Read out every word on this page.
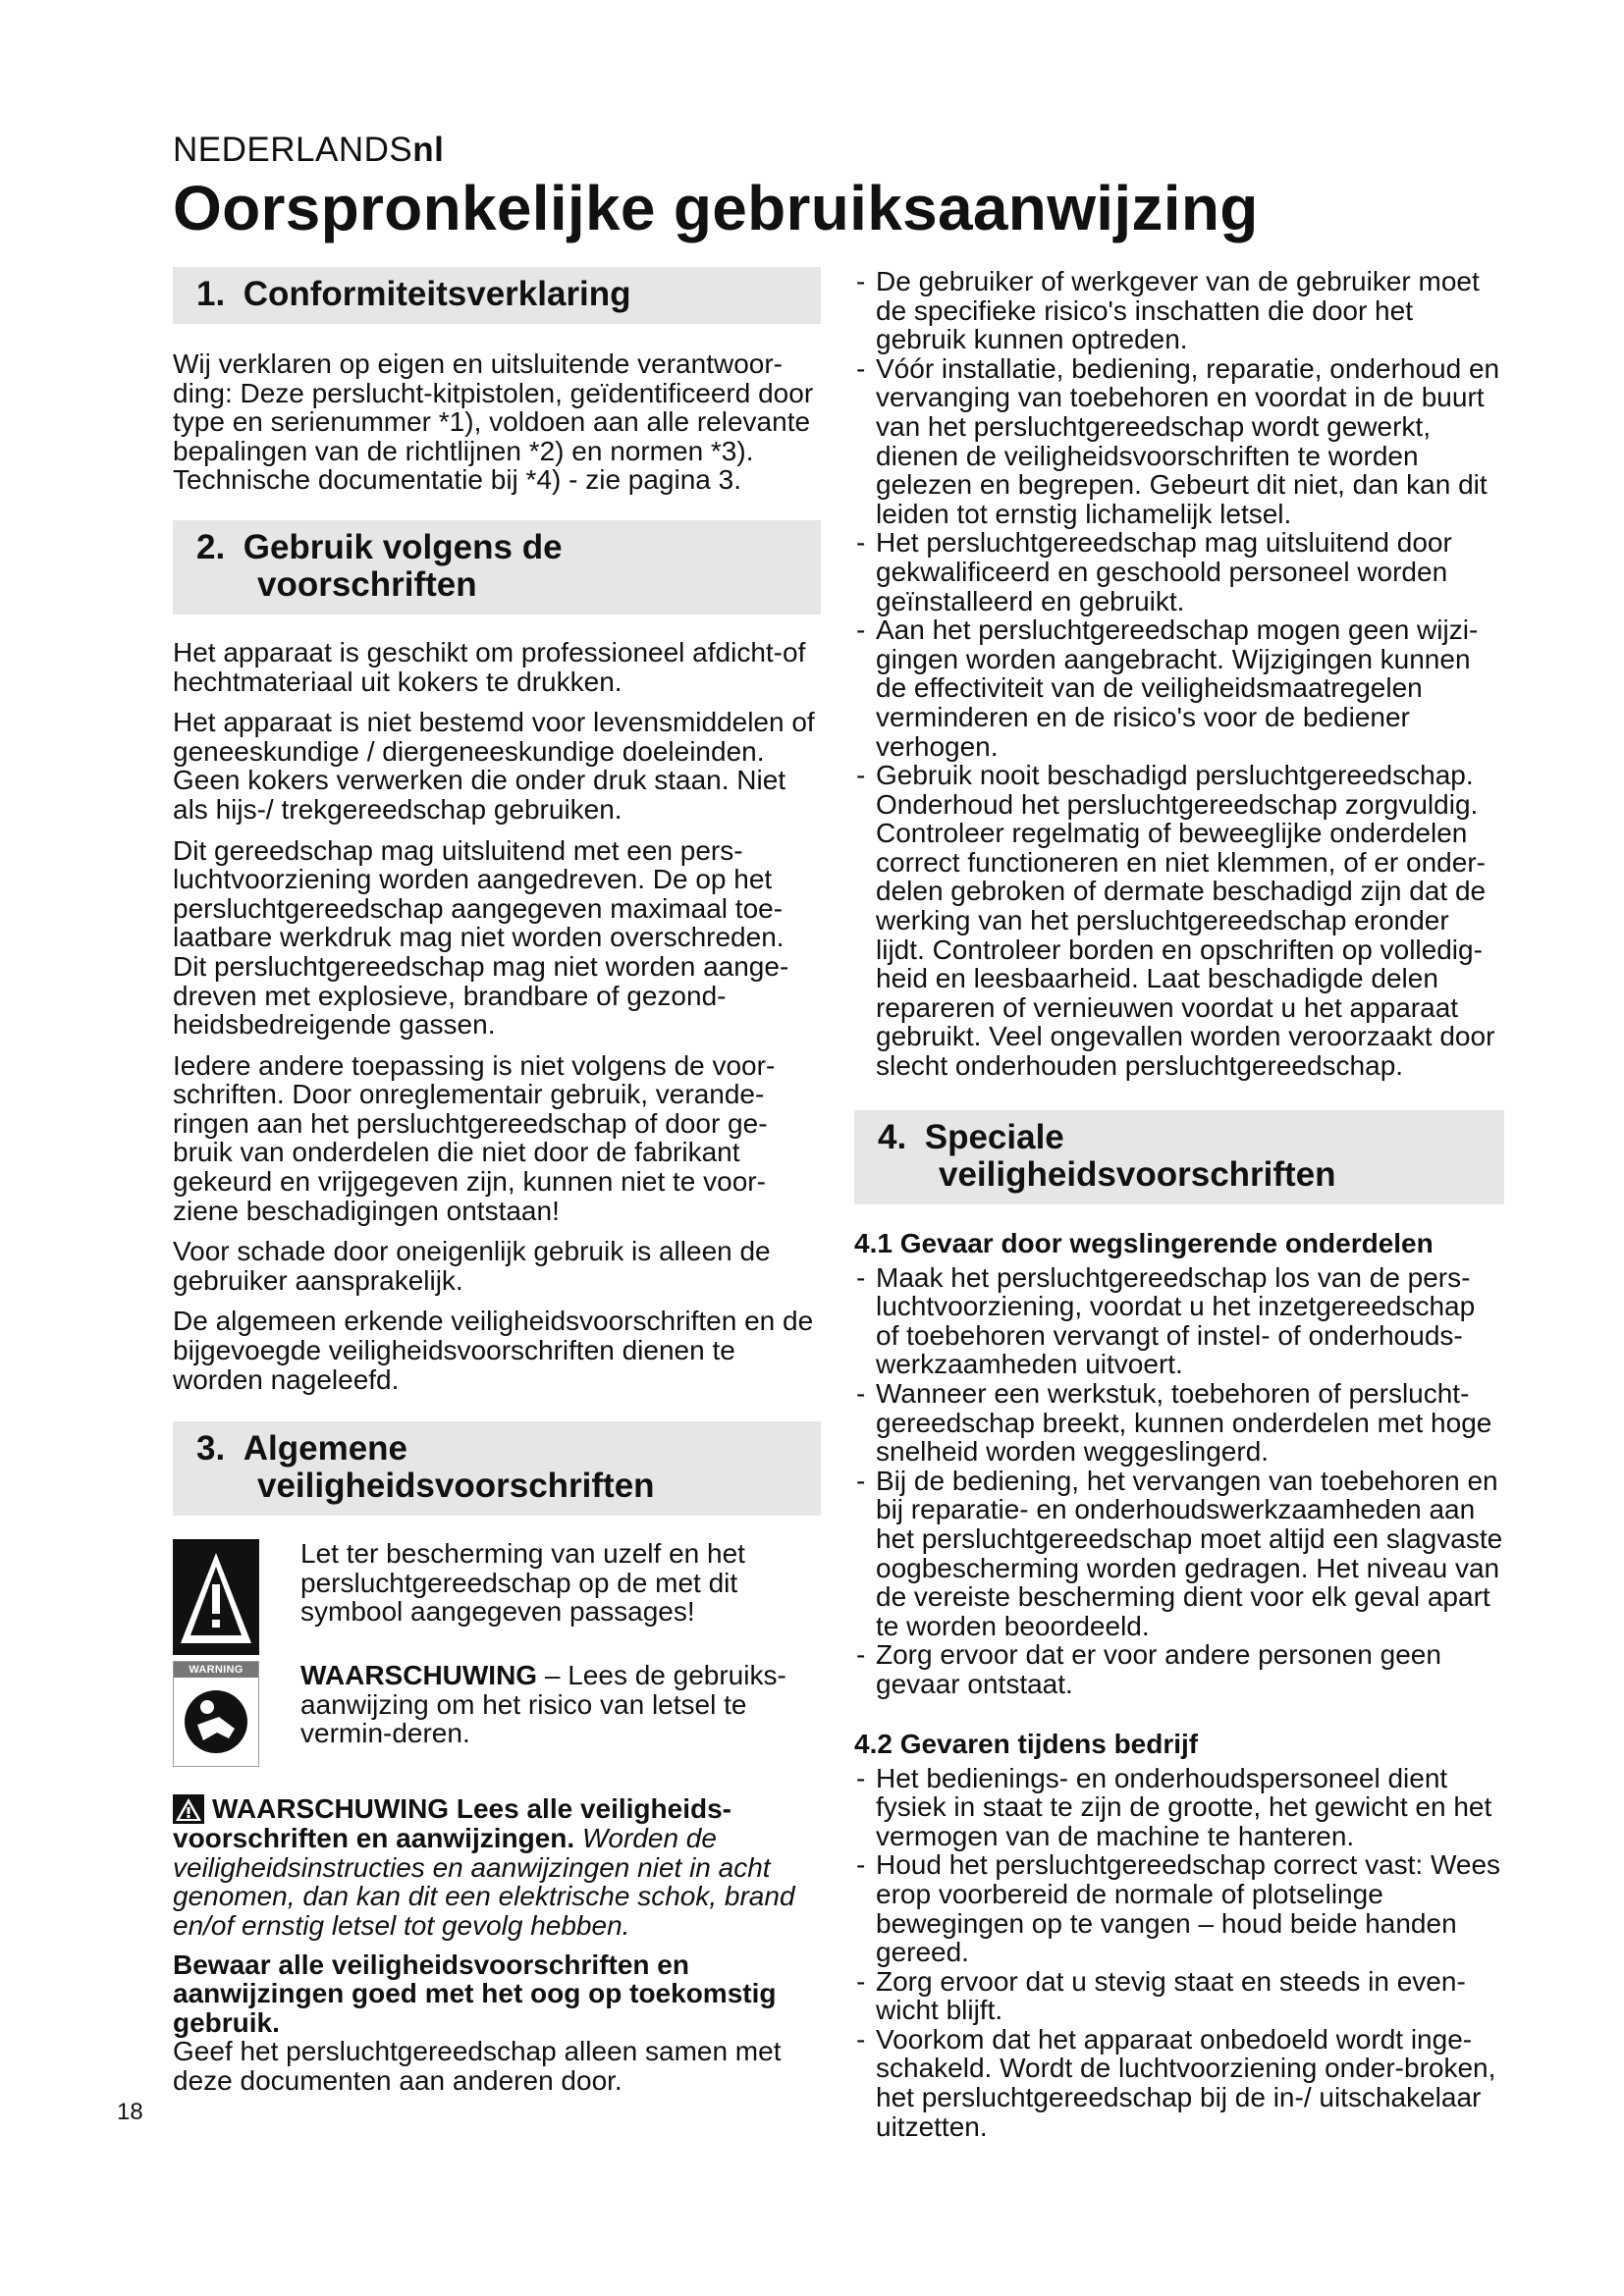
NEDERLANDSnl
Oorspronkelijke gebruiksaanwijzing
1. Conformiteitsverklaring

Wij verklaren op eigen en uitsluitende verantwoor-ding: Deze perslucht-kitpistolen, geïdentificeerd door type en serienummer *1), voldoen aan alle relevante bepalingen van de richtlijnen *2) en normen *3). Technische documentatie bij *4) - zie pagina 3.

2. Gebruik volgens de
voorschriften

Het apparaat is geschikt om professioneel afdicht-of hechtmateriaal uit kokers te drukken.

Het apparaat is niet bestemd voor levensmiddelen of geneeskundige / diergeneeskundige doeleinden. Geen kokers verwerken die onder druk staan. Niet als hijs-/ trekgereedschap gebruiken.

Dit gereedschap mag uitsluitend met een pers-luchtvoorziening worden aangedreven. De op het persluchtgereedschap aangegeven maximaal toe-laatbare werkdruk mag niet worden overschreden. Dit persluchtgereedschap mag niet worden aange-dreven met explosieve, brandbare of gezond-heidsbedreigende gassen.

Iedere andere toepassing is niet volgens de voor-schriften. Door onreglementair gebruik, verande-ringen aan het persluchtgereedschap of door ge-bruik van onderdelen die niet door de fabrikant gekeurd en vrijgegeven zijn, kunnen niet te voor-ziene beschadigingen ontstaan!

Voor schade door oneigenlijk gebruik is alleen de gebruiker aansprakelijk.

De algemeen erkende veiligheidsvoorschriften en de bijgevoegde veiligheidsvoorschriften dienen te worden nageleefd.

3. Algemene
veiligheidsvoorschriften
Let ter bescherming van uzelf en het persluchtgereedschap op de met dit symbool aangegeven passages!
WARNING	WAARSCHUWING – Lees de gebruiks-aanwijzing om het risico van letsel te vermin-deren.

WAARSCHUWING Lees alle veiligheids-voorschriften en aanwijzingen. Worden de veiligheidsinstructies en aanwijzingen niet in acht genomen, dan kan dit een elektrische schok, brand en/of ernstig letsel tot gevolg hebben.

Bewaar alle veiligheidsvoorschriften en aanwijzingen goed met het oog op toekomstig gebruik.

Geef het persluchtgereedschap alleen samen met deze documenten aan anderen door.

- De gebruiker of werkgever van de gebruiker moet de specifieke risico's inschatten die door het gebruik kunnen optreden.
- Vóór installatie, bediening, reparatie, onderhoud en vervanging van toebehoren en voordat in de buurt van het persluchtgereedschap wordt gewerkt, dienen de veiligheidsvoorschriften te worden gelezen en begrepen. Gebeurt dit niet, dan kan dit leiden tot ernstig lichamelijk letsel.
- Het persluchtgereedschap mag uitsluitend door gekwalificeerd en geschoold personeel worden geïnstalleerd en gebruikt.
- Aan het persluchtgereedschap mogen geen wijzi-gingen worden aangebracht. Wijzigingen kunnen de effectiviteit van de veiligheidsmaatregelen verminderen en de risico's voor de bediener verhogen.
- Gebruik nooit beschadigd persluchtgereedschap. Onderhoud het persluchtgereedschap zorgvuldig. Controleer regelmatig of beweeglijke onderdelen correct functioneren en niet klemmen, of er onder-delen gebroken of dermate beschadigd zijn dat de werking van het persluchtgereedschap eronder lijdt. Controleer borden en opschriften op volledig-heid en leesbaarheid. Laat beschadigde delen repareren of vernieuwen voordat u het apparaat gebruikt. Veel ongevallen worden veroorzaakt door slecht onderhouden persluchtgereedschap.
4. Speciale
veiligheidsvoorschriften
4.1 Gevaar door wegslingerende onderdelen
- Maak het persluchtgereedschap los van de pers-luchtvoorziening, voordat u het inzetgereedschap of toebehoren vervangt of instel- of onderhouds-werkzaamheden uitvoert.
- Wanneer een werkstuk, toebehoren of perslucht-gereedschap breekt, kunnen onderdelen met hoge snelheid worden weggeslingerd.
- Bij de bediening, het vervangen van toebehoren en bij reparatie- en onderhoudswerkzaamheden aan het persluchtgereedschap moet altijd een slagvaste oogbescherming worden gedragen. Het niveau van de vereiste bescherming dient voor elk geval apart te worden beoordeeld.
- Zorg ervoor dat er voor andere personen geen gevaar ontstaat.
4.2 Gevaren tijdens bedrijf
- Het bedienings- en onderhoudspersoneel dient fysiek in staat te zijn de grootte, het gewicht en het vermogen van de machine te hanteren.
- Houd het persluchtgereedschap correct vast: Wees erop voorbereid de normale of plotselinge bewegingen op te vangen – houd beide handen gereed.
- Zorg ervoor dat u stevig staat en steeds in even-wicht blijft.
- Voorkom dat het apparaat onbedoeld wordt inge-schakeld. Wordt de luchtvoorziening onder-broken, het persluchtgereedschap bij de in-/ uitschakelaar uitzetten.
18
